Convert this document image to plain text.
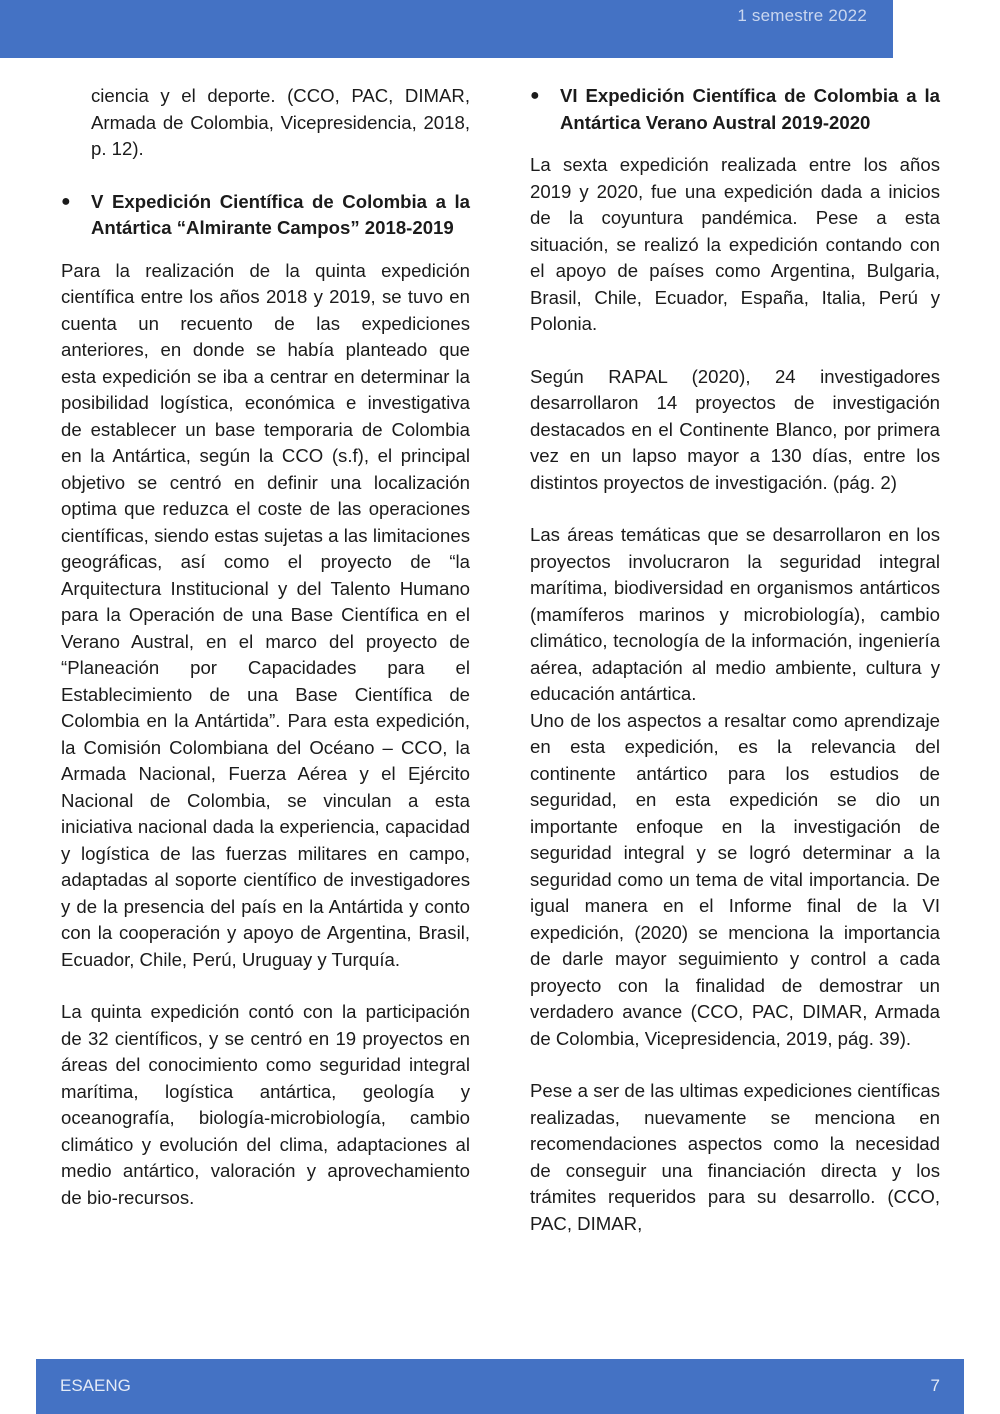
1 semestre 2022

ciencia y el deporte. (CCO, PAC, DIMAR, Armada de Colombia, Vicepresidencia, 2018, p. 12).

● V Expedición Científica de Colombia a la Antártica “Almirante Campos” 2018-2019

Para la realización de la quinta expedición científica entre los años 2018 y 2019, se tuvo en cuenta un recuento de las expediciones anteriores, en donde se había planteado que esta expedición se iba a centrar en determinar la posibilidad logística, económica e investigativa de establecer un base temporaria de Colombia en la Antártica, según la CCO (s.f), el principal objetivo se centró en definir una localización optima que reduzca el coste de las operaciones científicas, siendo estas sujetas a las limitaciones geográficas, así como el proyecto de “la Arquitectura Institucional y del Talento Humano para la Operación de una Base Científica en el Verano Austral, en el marco del proyecto de “Planeación por Capacidades para el Establecimiento de una Base Científica de Colombia en la Antártida”. Para esta expedición, la Comisión Colombiana del Océano – CCO, la Armada Nacional, Fuerza Aérea y el Ejército Nacional de Colombia, se vinculan a esta iniciativa nacional dada la experiencia, capacidad y logística de las fuerzas militares en campo, adaptadas al soporte científico de investigadores y de la presencia del país en la Antártida y conto con la cooperación y apoyo de Argentina, Brasil, Ecuador, Chile, Perú, Uruguay y Turquía.

La quinta expedición contó con la participación de 32 científicos, y se centró en 19 proyectos en áreas del conocimiento como seguridad integral marítima, logística antártica, geología y oceanografía, biología-microbiología, cambio climático y evolución del clima, adaptaciones al medio antártico, valoración y aprovechamiento de bio-recursos.

● VI Expedición Científica de Colombia a la Antártica Verano Austral 2019-2020

La sexta expedición realizada entre los años 2019 y 2020, fue una expedición dada a inicios de la coyuntura pandémica. Pese a esta situación, se realizó la expedición contando con el apoyo de países como Argentina, Bulgaria, Brasil, Chile, Ecuador, España, Italia, Perú y Polonia.

Según RAPAL (2020), 24 investigadores desarrollaron 14 proyectos de investigación destacados en el Continente Blanco, por primera vez en un lapso mayor a 130 días, entre los distintos proyectos de investigación. (pág. 2)

Las áreas temáticas que se desarrollaron en los proyectos involucraron la seguridad integral marítima, biodiversidad en organismos antárticos (mamíferos marinos y microbiología), cambio climático, tecnología de la información, ingeniería aérea, adaptación al medio ambiente, cultura y educación antártica.

Uno de los aspectos a resaltar como aprendizaje en esta expedición, es la relevancia del continente antártico para los estudios de seguridad, en esta expedición se dio un importante enfoque en la investigación de seguridad integral y se logró determinar a la seguridad como un tema de vital importancia. De igual manera en el Informe final de la VI expedición, (2020) se menciona la importancia de darle mayor seguimiento y control a cada proyecto con la finalidad de demostrar un verdadero avance (CCO, PAC, DIMAR, Armada de Colombia, Vicepresidencia, 2019, pág. 39).

Pese a ser de las ultimas expediciones científicas realizadas, nuevamente se menciona en recomendaciones aspectos como la necesidad de conseguir una financiación directa y los trámites requeridos para su desarrollo. (CCO, PAC, DIMAR,

ESAENG	7
